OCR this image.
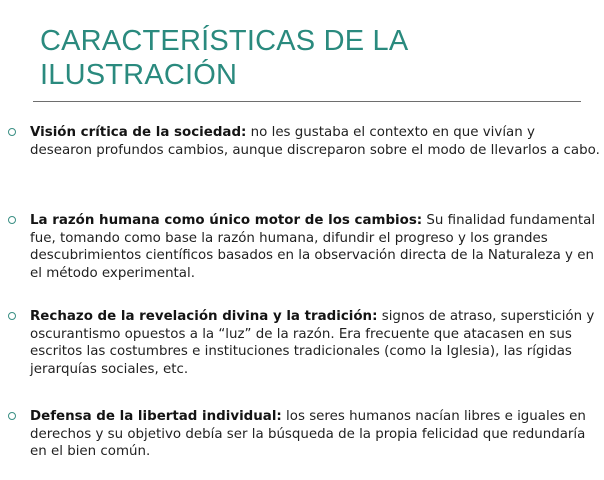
CARACTERÍSTICAS DE LA ILUSTRACIÓN

Visión crítica de la sociedad: no les gustaba el contexto en que vivían y desearon profundos cambios, aunque discreparon sobre el modo de llevarlos a cabo.

La razón humana como único motor de los cambios: Su finalidad fundamental fue, tomando como base la razón humana, difundir el progreso y los grandes descubrimientos científicos basados en la observación directa de la Naturaleza y en el método experimental.

Rechazo de la revelación divina y la tradición: signos de atraso, superstición y oscurantismo opuestos a la “luz” de la razón. Era frecuente que atacasen en sus escritos las costumbres e instituciones tradicionales (como la Iglesia), las rígidas jerarquías sociales, etc.

Defensa de la libertad individual: los seres humanos nacían libres e iguales en derechos y su objetivo debía ser la búsqueda de la propia felicidad que redundaría en el bien común.
